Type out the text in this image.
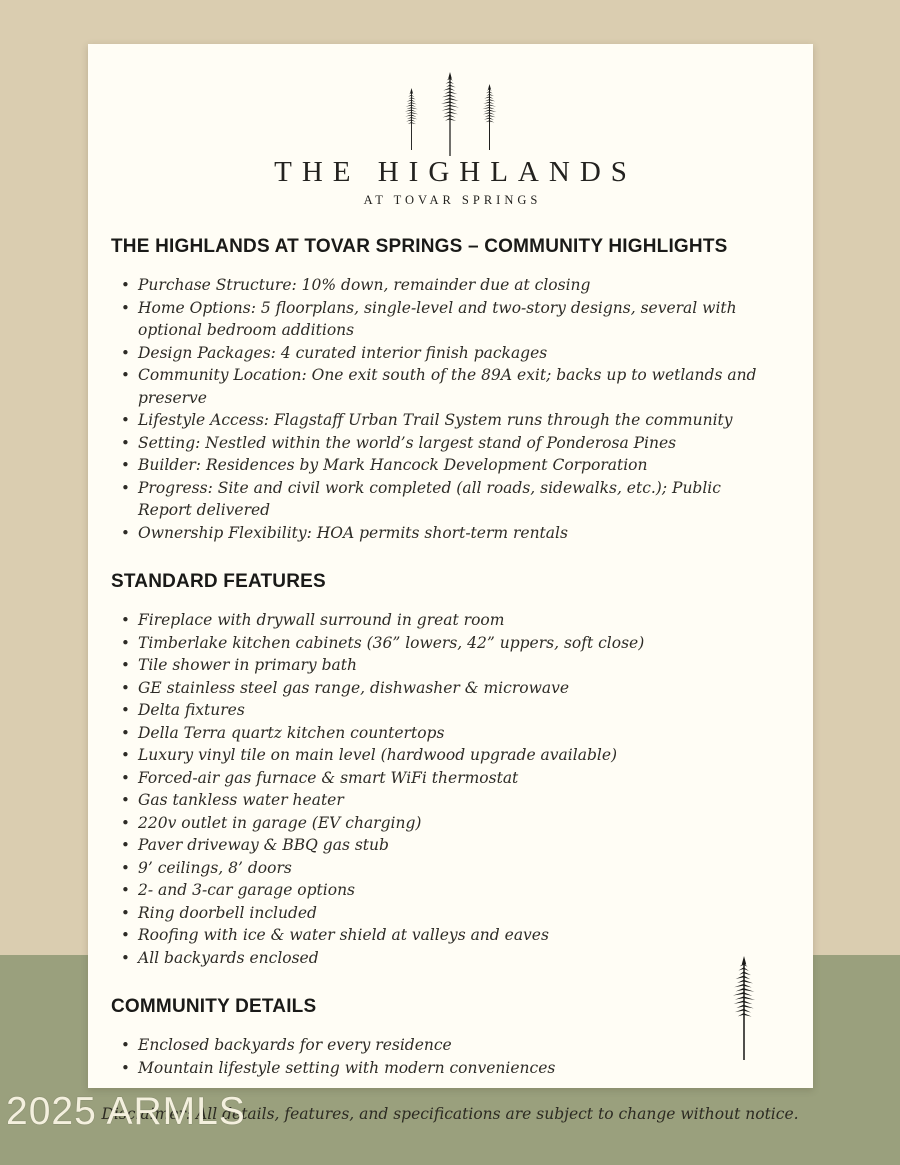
THE HIGHLANDS
AT TOVAR SPRINGS
THE HIGHLANDS AT TOVAR SPRINGS – COMMUNITY HIGHLIGHTS
• Purchase Structure: 10% down, remainder due at closing
• Home Options: 5 floorplans, single-level and two-story designs, several with optional bedroom additions
• Design Packages: 4 curated interior finish packages
• Community Location: One exit south of the 89A exit; backs up to wetlands and preserve
• Lifestyle Access: Flagstaff Urban Trail System runs through the community
• Setting: Nestled within the world’s largest stand of Ponderosa Pines
• Builder: Residences by Mark Hancock Development Corporation
• Progress: Site and civil work completed (all roads, sidewalks, etc.); Public Report delivered
• Ownership Flexibility: HOA permits short-term rentals
STANDARD FEATURES
• Fireplace with drywall surround in great room
• Timberlake kitchen cabinets (36” lowers, 42” uppers, soft close)
• Tile shower in primary bath
• GE stainless steel gas range, dishwasher & microwave
• Delta fixtures
• Della Terra quartz kitchen countertops
• Luxury vinyl tile on main level (hardwood upgrade available)
• Forced-air gas furnace & smart WiFi thermostat
• Gas tankless water heater
• 220v outlet in garage (EV charging)
• Paver driveway & BBQ gas stub
• 9’ ceilings, 8’ doors
• 2- and 3-car garage options
• Ring doorbell included
• Roofing with ice & water shield at valleys and eaves
• All backyards enclosed
COMMUNITY DETAILS
• Enclosed backyards for every residence
• Mountain lifestyle setting with modern conveniences
Disclaimer: All details, features, and specifications are subject to change without notice.
2025 ARMLS
